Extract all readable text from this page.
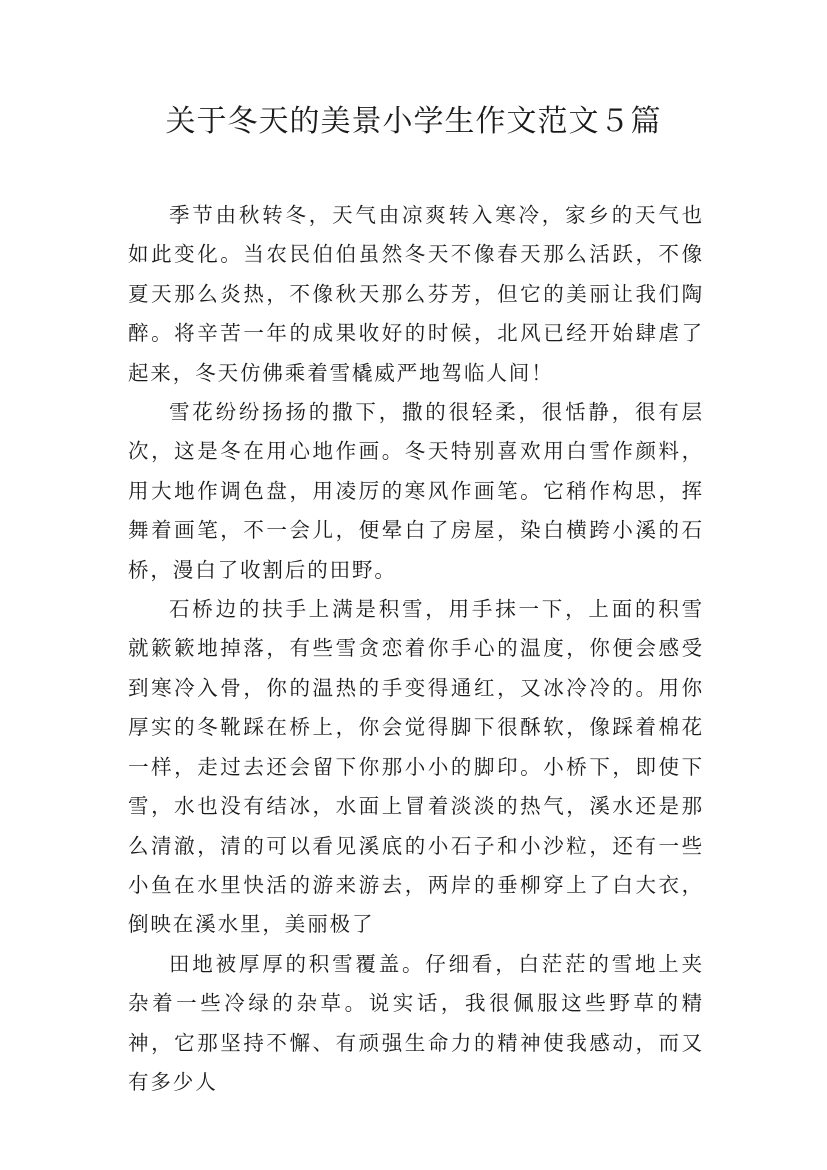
关于冬天的美景小学生作文范文５篇

季节由秋转冬，天气由凉爽转入寒冷，家乡的天气也如此变化。当农民伯伯虽然冬天不像春天那么活跃，不像夏天那么炎热，不像秋天那么芬芳，但它的美丽让我们陶醉。将辛苦一年的成果收好的时候，北风已经开始肆虐了起来，冬天仿佛乘着雪橇威严地驾临人间！

雪花纷纷扬扬的撒下，撒的很轻柔，很恬静，很有层次，这是冬在用心地作画。冬天特别喜欢用白雪作颜料，用大地作调色盘，用凌厉的寒风作画笔。它稍作构思，挥舞着画笔，不一会儿，便晕白了房屋，染白横跨小溪的石桥，漫白了收割后的田野。

石桥边的扶手上满是积雪，用手抹一下，上面的积雪就簌簌地掉落，有些雪贪恋着你手心的温度，你便会感受到寒冷入骨，你的温热的手变得通红，又冰冷冷的。用你厚实的冬靴踩在桥上，你会觉得脚下很酥软，像踩着棉花一样，走过去还会留下你那小小的脚印。小桥下，即使下雪，水也没有结冰，水面上冒着淡淡的热气，溪水还是那么清澈，清的可以看见溪底的小石子和小沙粒，还有一些小鱼在水里快活的游来游去，两岸的垂柳穿上了白大衣，倒映在溪水里，美丽极了

田地被厚厚的积雪覆盖。仔细看，白茫茫的雪地上夹杂着一些冷绿的杂草。说实话，我很佩服这些野草的精神，它那坚持不懈、有顽强生命力的精神使我感动，而又有多少人
